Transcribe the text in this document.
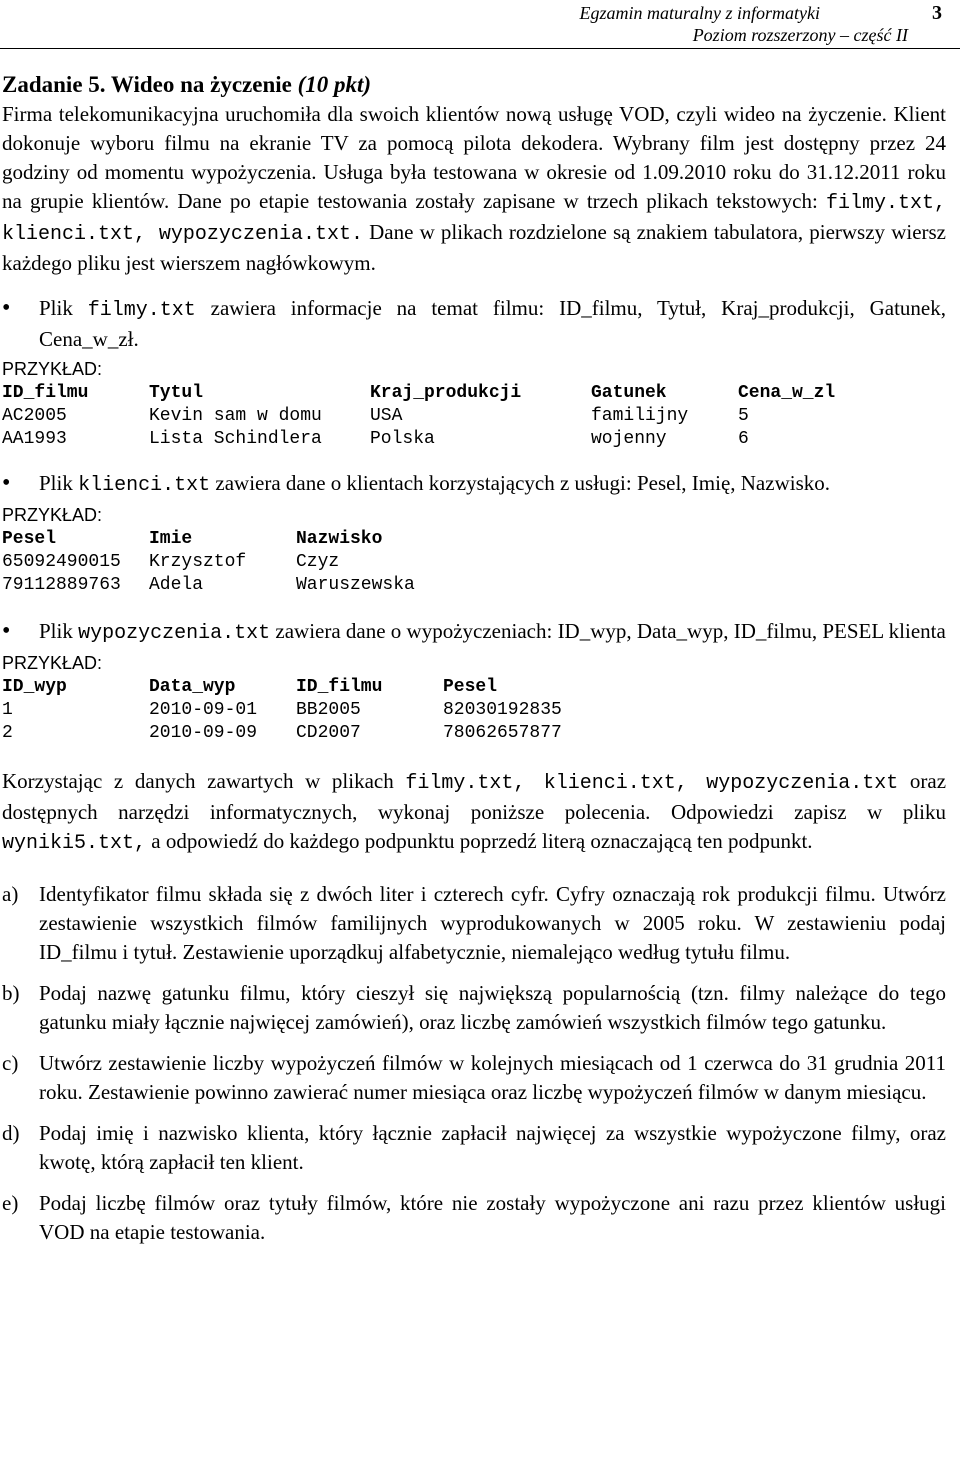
Egzamin maturalny z informatyki	3
Poziom rozszerzony – część II
Zadanie 5. Wideo na życzenie (10 pkt)

Firma telekomunikacyjna uruchomiła dla swoich klientów nową usługę VOD, czyli wideo na życzenie. Klient dokonuje wyboru filmu na ekranie TV za pomocą pilota dekodera. Wybrany film jest dostępny przez 24 godziny od momentu wypożyczenia. Usługa była testowana w okresie od 1.09.2010 roku do 31.12.2011 roku na grupie klientów. Dane po etapie testowania zostały zapisane w trzech plikach tekstowych: filmy.txt, klienci.txt, wypozyczenia.txt. Dane w plikach rozdzielone są znakiem tabulatora, pierwszy wiersz każdego pliku jest wierszem nagłówkowym.

• Plik filmy.txt zawiera informacje na temat filmu: ID_filmu, Tytuł, Kraj_produkcji, Gatunek, Cena_w_zł.

PRZYKŁAD:
ID_filmu	Tytul	Kraj_produkcji	Gatunek	Cena_w_zl
AC2005	Kevin sam w domu	USA	familijny	5
AA1993	Lista Schindlera	Polska	wojenny	6

• Plik klienci.txt zawiera dane o klientach korzystających z usługi: Pesel, Imię, Nazwisko.

PRZYKŁAD:
Pesel	Imie	Nazwisko
65092490015	Krzysztof	Czyz
79112889763	Adela	Waruszewska

• Plik wypozyczenia.txt zawiera dane o wypożyczeniach: ID_wyp, Data_wyp, ID_filmu, PESEL klienta

PRZYKŁAD:
ID_wyp	Data_wyp	ID_filmu	Pesel
1	2010-09-01	BB2005	82030192835
2	2010-09-09	CD2007	78062657877

Korzystając z danych zawartych w plikach filmy.txt, klienci.txt, wypozyczenia.txt oraz dostępnych narzędzi informatycznych, wykonaj poniższe polecenia. Odpowiedzi zapisz w pliku wyniki5.txt, a odpowiedź do każdego podpunktu poprzedź literą oznaczającą ten podpunkt.

a) Identyfikator filmu składa się z dwóch liter i czterech cyfr. Cyfry oznaczają rok produkcji filmu. Utwórz zestawienie wszystkich filmów familijnych wyprodukowanych w 2005 roku. W zestawieniu podaj ID_filmu i tytuł. Zestawienie uporządkuj alfabetycznie, niemalejąco według tytułu filmu.
b) Podaj nazwę gatunku filmu, który cieszył się największą popularnością (tzn. filmy należące do tego gatunku miały łącznie najwięcej zamówień), oraz liczbę zamówień wszystkich filmów tego gatunku.
c) Utwórz zestawienie liczby wypożyczeń filmów w kolejnych miesiącach od 1 czerwca do 31 grudnia 2011 roku. Zestawienie powinno zawierać numer miesiąca oraz liczbę wypożyczeń filmów w danym miesiącu.
d) Podaj imię i nazwisko klienta, który łącznie zapłacił najwięcej za wszystkie wypożyczone filmy, oraz kwotę, którą zapłacił ten klient.
e) Podaj liczbę filmów oraz tytuły filmów, które nie zostały wypożyczone ani razu przez klientów usługi VOD na etapie testowania.
